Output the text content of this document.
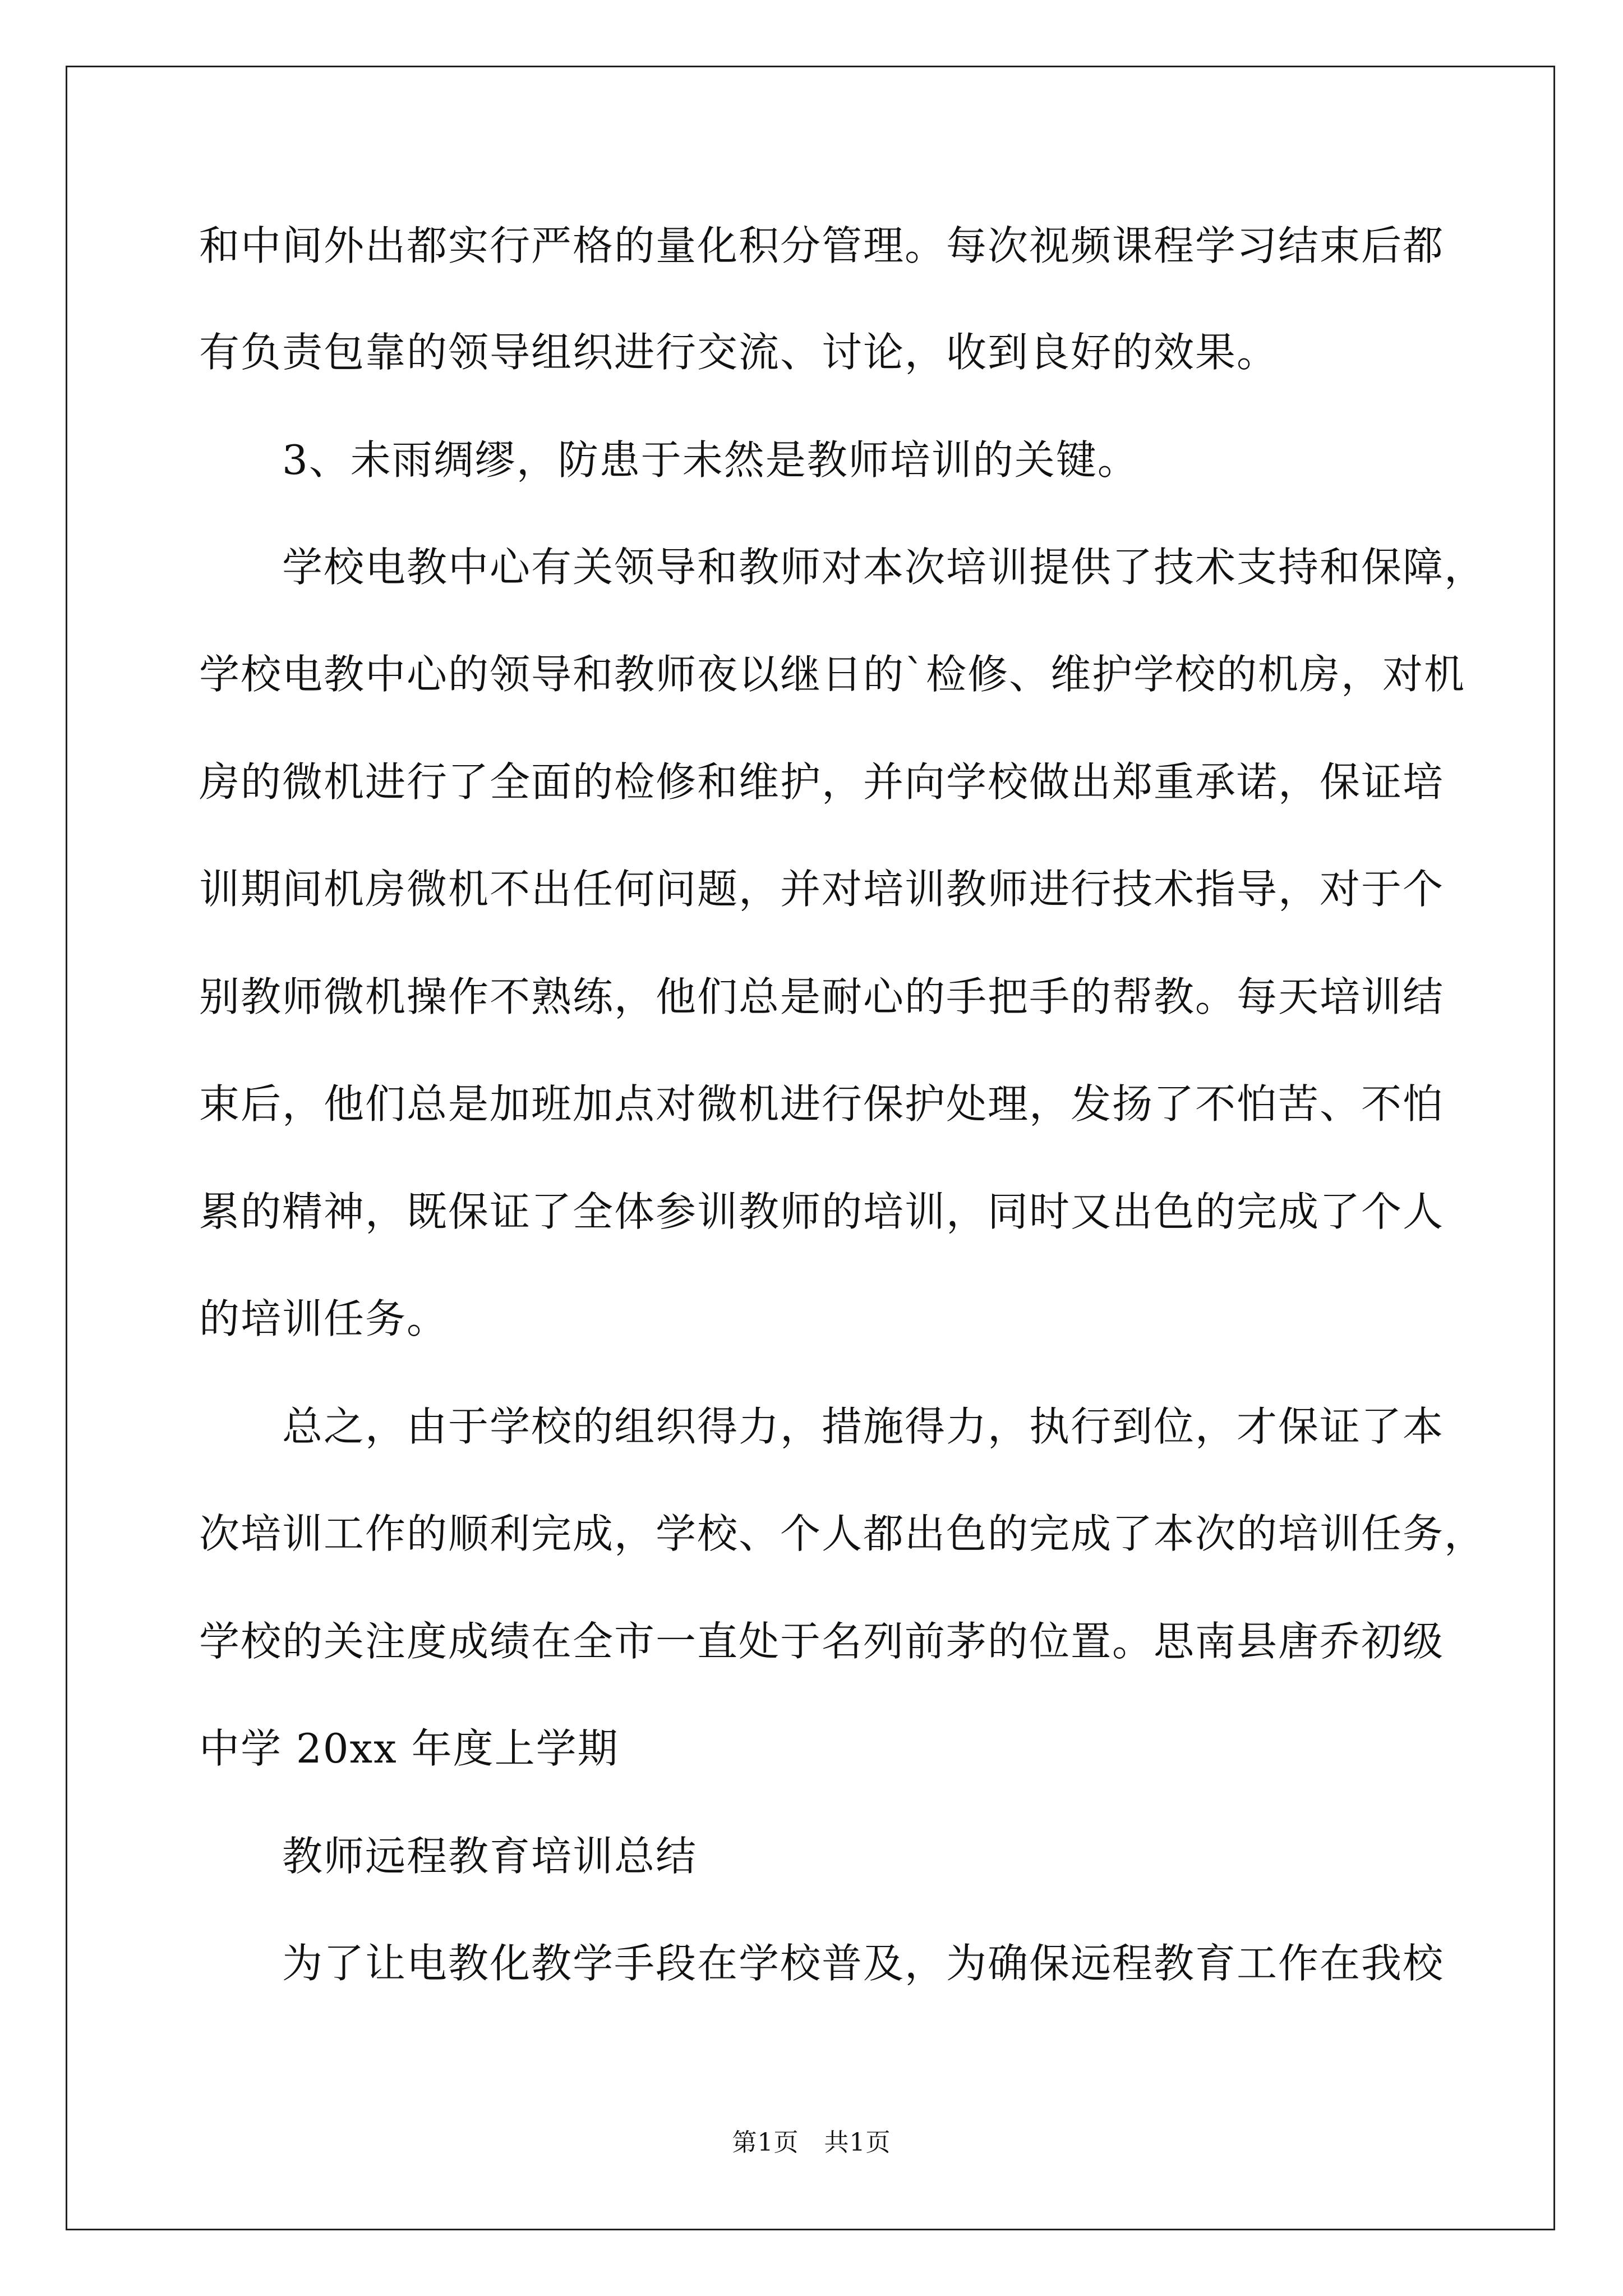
和中间外出都实行严格的量化积分管理。每次视频课程学习结束后都
有负责包靠的领导组织进行交流、讨论，收到良好的效果。
3、未雨绸缪，防患于未然是教师培训的关键。
学校电教中心有关领导和教师对本次培训提供了技术支持和保障，
学校电教中心的领导和教师夜以继日的`检修、维护学校的机房，对机
房的微机进行了全面的检修和维护，并向学校做出郑重承诺，保证培
训期间机房微机不出任何问题，并对培训教师进行技术指导，对于个
别教师微机操作不熟练，他们总是耐心的手把手的帮教。每天培训结
束后，他们总是加班加点对微机进行保护处理，发扬了不怕苦、不怕
累的精神，既保证了全体参训教师的培训，同时又出色的完成了个人
的培训任务。
总之，由于学校的组织得力，措施得力，执行到位，才保证了本
次培训工作的顺利完成，学校、个人都出色的完成了本次的培训任务，
学校的关注度成绩在全市一直处于名列前茅的位置。思南县唐乔初级
中学 20xx 年度上学期
教师远程教育培训总结
为了让电教化教学手段在学校普及，为确保远程教育工作在我校
第1页　共1页
